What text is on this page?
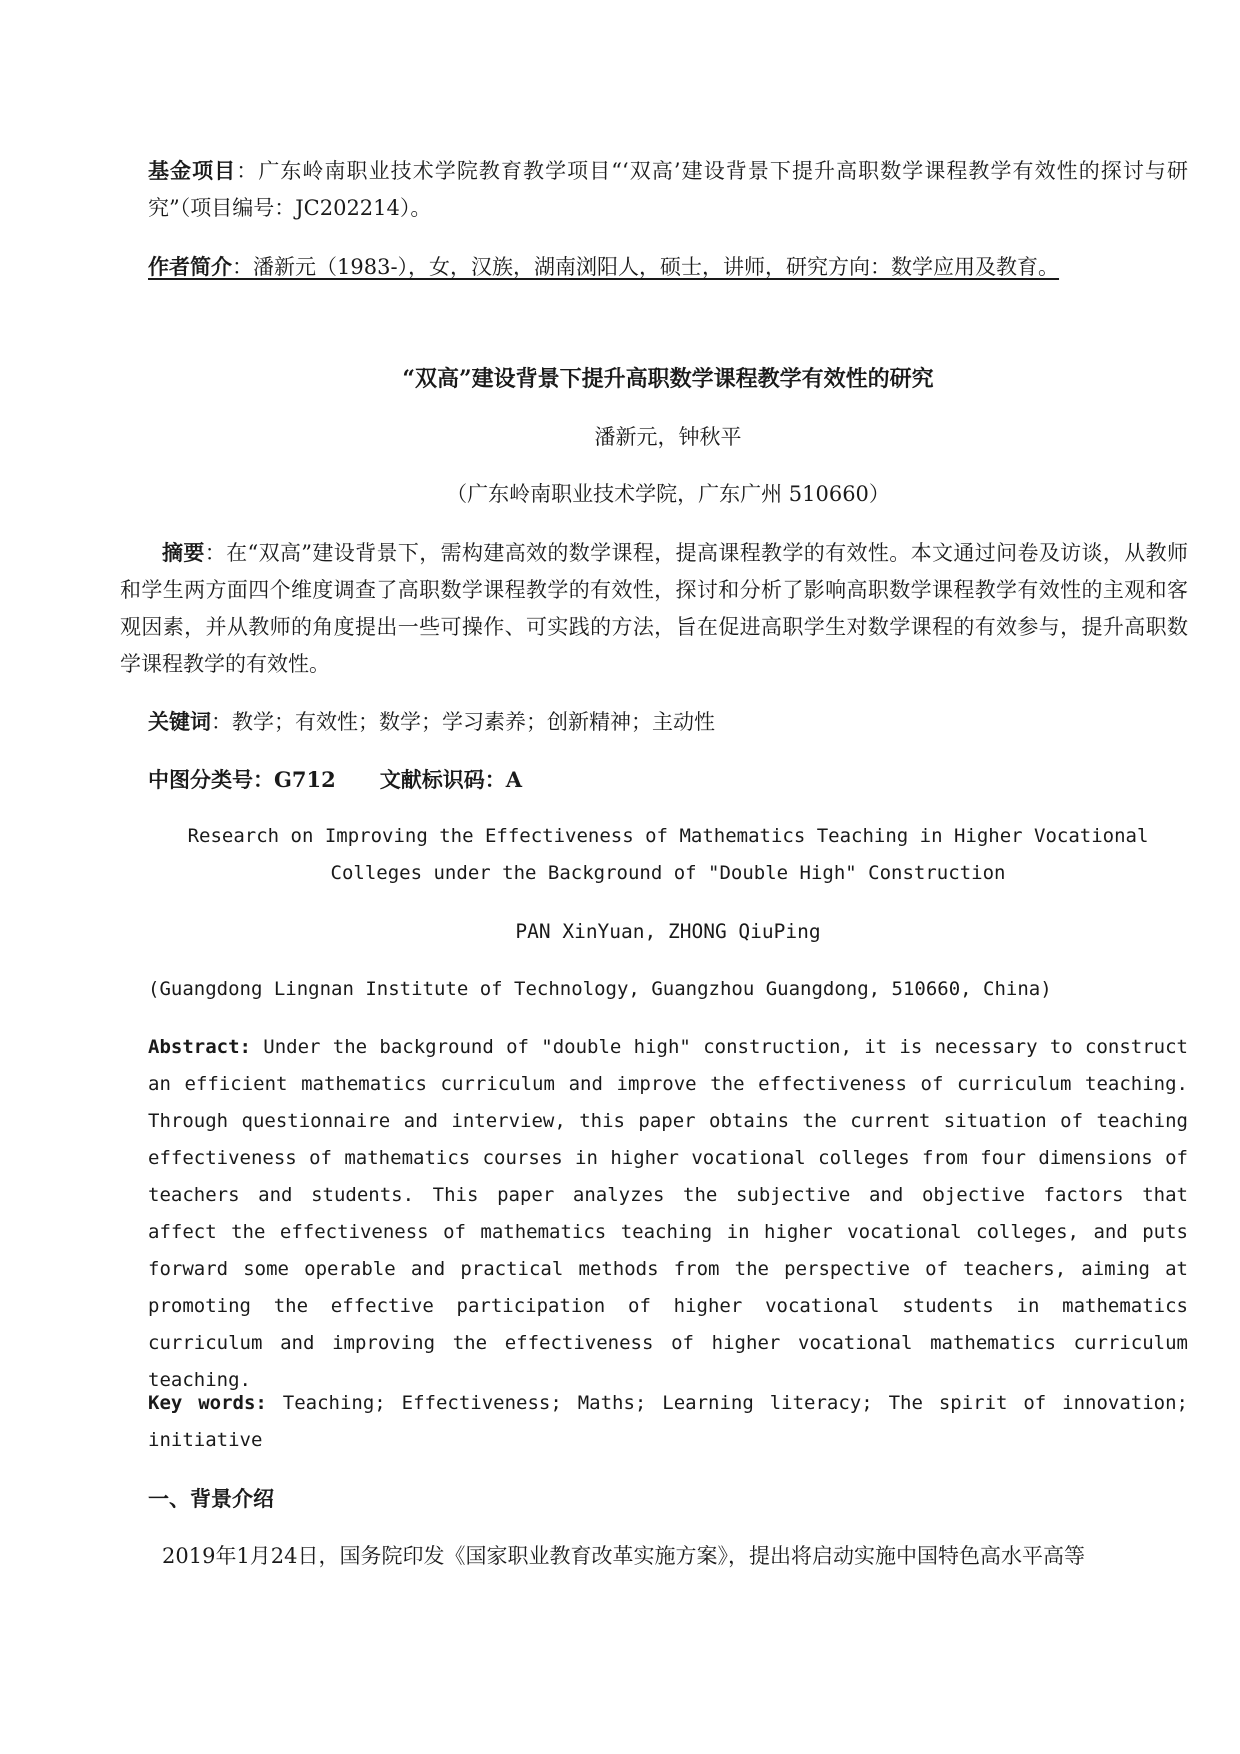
基金项目：广东岭南职业技术学院教育教学项目“‘双高’建设背景下提升高职数学课程教学有效性的探讨与研究”（项目编号：JC202214）。
作者简介：潘新元（1983-），女，汉族，湖南浏阳人，硕士，讲师，研究方向：数学应用及教育。
“双高”建设背景下提升高职数学课程教学有效性的研究
潘新元，钟秋平
（广东岭南职业技术学院，广东广州 510660）
摘要：在“双高”建设背景下，需构建高效的数学课程，提高课程教学的有效性。本文通过问卷及访谈，从教师和学生两方面四个维度调查了高职数学课程教学的有效性，探讨和分析了影响高职数学课程教学有效性的主观和客观因素，并从教师的角度提出一些可操作、可实践的方法，旨在促进高职学生对数学课程的有效参与，提升高职数学课程教学的有效性。
关键词：教学；有效性；数学；学习素养；创新精神；主动性
中图分类号：G712 文献标识码：A
Research on Improving the Effectiveness of Mathematics Teaching in Higher Vocational
Colleges under the Background of "Double High" Construction
PAN XinYuan, ZHONG QiuPing
(Guangdong Lingnan Institute of Technology, Guangzhou Guangdong, 510660, China)
Abstract: Under the background of "double high" construction, it is necessary to construct an efficient mathematics curriculum and improve the effectiveness of curriculum teaching. Through questionnaire and interview, this paper obtains the current situation of teaching effectiveness of mathematics courses in higher vocational colleges from four dimensions of teachers and students. This paper analyzes the subjective and objective factors that affect the effectiveness of mathematics teaching in higher vocational colleges, and puts forward some operable and practical methods from the perspective of teachers, aiming at promoting the effective participation of higher vocational students in mathematics curriculum and improving the effectiveness of higher vocational mathematics curriculum teaching.
Key words: Teaching; Effectiveness; Maths; Learning literacy; The spirit of innovation; initiative
一、背景介绍
2019年1月24日，国务院印发《国家职业教育改革实施方案》，提出将启动实施中国特色高水平高等
